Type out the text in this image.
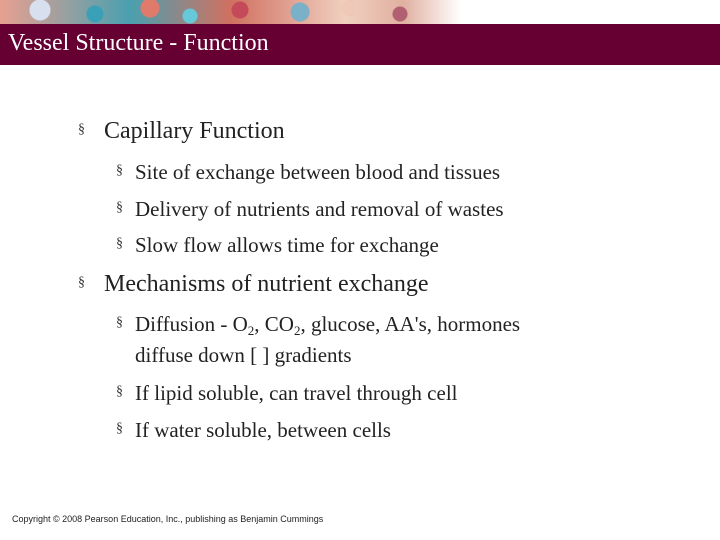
Vessel Structure - Function
§ Capillary Function
§ Site of exchange between blood and tissues
§ Delivery of nutrients and removal of wastes
§ Slow flow allows time for exchange
§ Mechanisms of nutrient exchange
§ Diffusion - $O_2$, $CO_2$, glucose, AA's, hormones
diffuse down [ ] gradients
§ If lipid soluble, can travel through cell
§ If water soluble, between cells
Copyright © 2008 Pearson Education, Inc., publishing as Benjamin Cummings
